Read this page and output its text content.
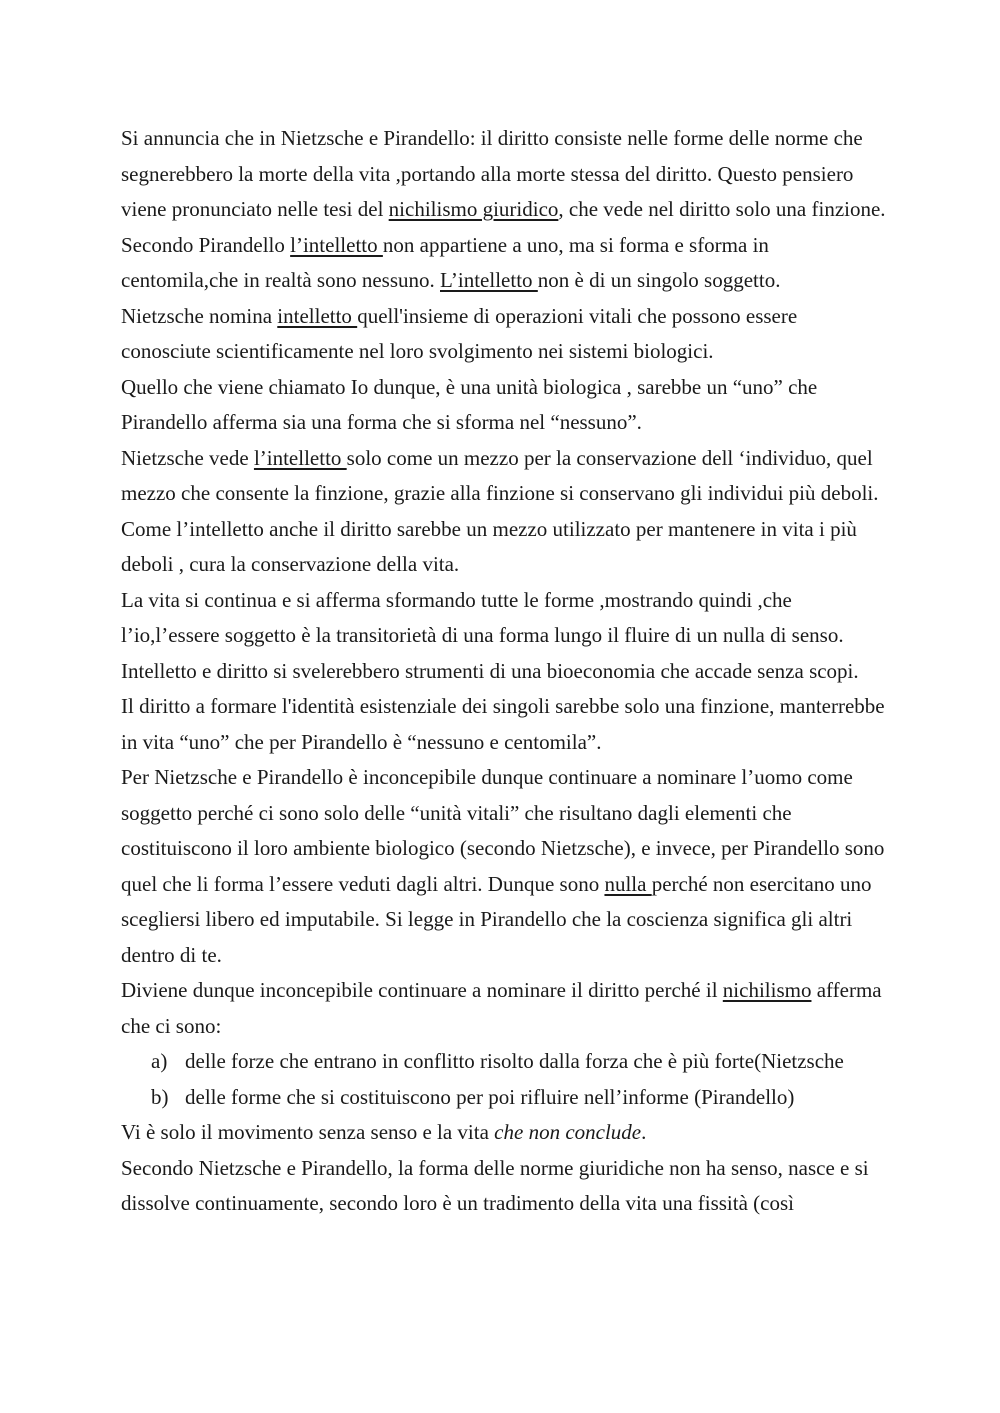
Si annuncia che in Nietzsche e Pirandello: il diritto consiste nelle forme delle norme che segnerebbero la morte della vita ,portando alla morte stessa del diritto. Questo pensiero viene pronunciato nelle tesi del nichilismo giuridico, che vede nel diritto solo una finzione.

Secondo Pirandello l’intelletto non appartiene a uno, ma si forma e sforma in centomila,che in realtà sono nessuno. L’intelletto non è di un singolo soggetto.

Nietzsche nomina intelletto quell'insieme di operazioni vitali che possono essere conosciute scientificamente nel loro svolgimento nei sistemi biologici.

Quello che viene chiamato Io dunque, è una unità biologica , sarebbe un “uno” che Pirandello afferma sia una forma che si sforma nel “nessuno”.

Nietzsche vede l’intelletto solo come un mezzo per la conservazione dell ‘individuo, quel mezzo che consente la finzione, grazie alla finzione si conservano gli individui più deboli. Come l’intelletto anche il diritto sarebbe un mezzo utilizzato per mantenere in vita i più deboli , cura la conservazione della vita.

La vita si continua e si afferma sformando tutte le forme ,mostrando quindi ,che l’io,l’essere soggetto è la transitorietà di una forma lungo il fluire di un nulla di senso. Intelletto e diritto si svelerebbero strumenti di una bioeconomia che accade senza scopi.

Il diritto a formare l'identità esistenziale dei singoli sarebbe solo una finzione, manterrebbe in vita “uno” che per Pirandello è “nessuno e centomila”.

Per Nietzsche e Pirandello è inconcepibile dunque continuare a nominare l’uomo come soggetto perché ci sono solo delle “unità vitali” che risultano dagli elementi che costituiscono il loro ambiente biologico (secondo Nietzsche), e invece, per Pirandello sono quel che li forma l’essere veduti dagli altri. Dunque sono nulla perché non esercitano uno scegliersi libero ed imputabile. Si legge in Pirandello che la coscienza significa gli altri dentro di te.

Diviene dunque inconcepibile continuare a nominare il diritto perché il nichilismo afferma che ci sono:

a) delle forze che entrano in conflitto risolto dalla forza che è più forte(Nietzsche

b) delle forme che si costituiscono per poi rifluire nell’informe (Pirandello)

Vi è solo il movimento senza senso e la vita che non conclude.

Secondo Nietzsche e Pirandello, la forma delle norme giuridiche non ha senso, nasce e si dissolve continuamente, secondo loro è un tradimento della vita una fissità (così
